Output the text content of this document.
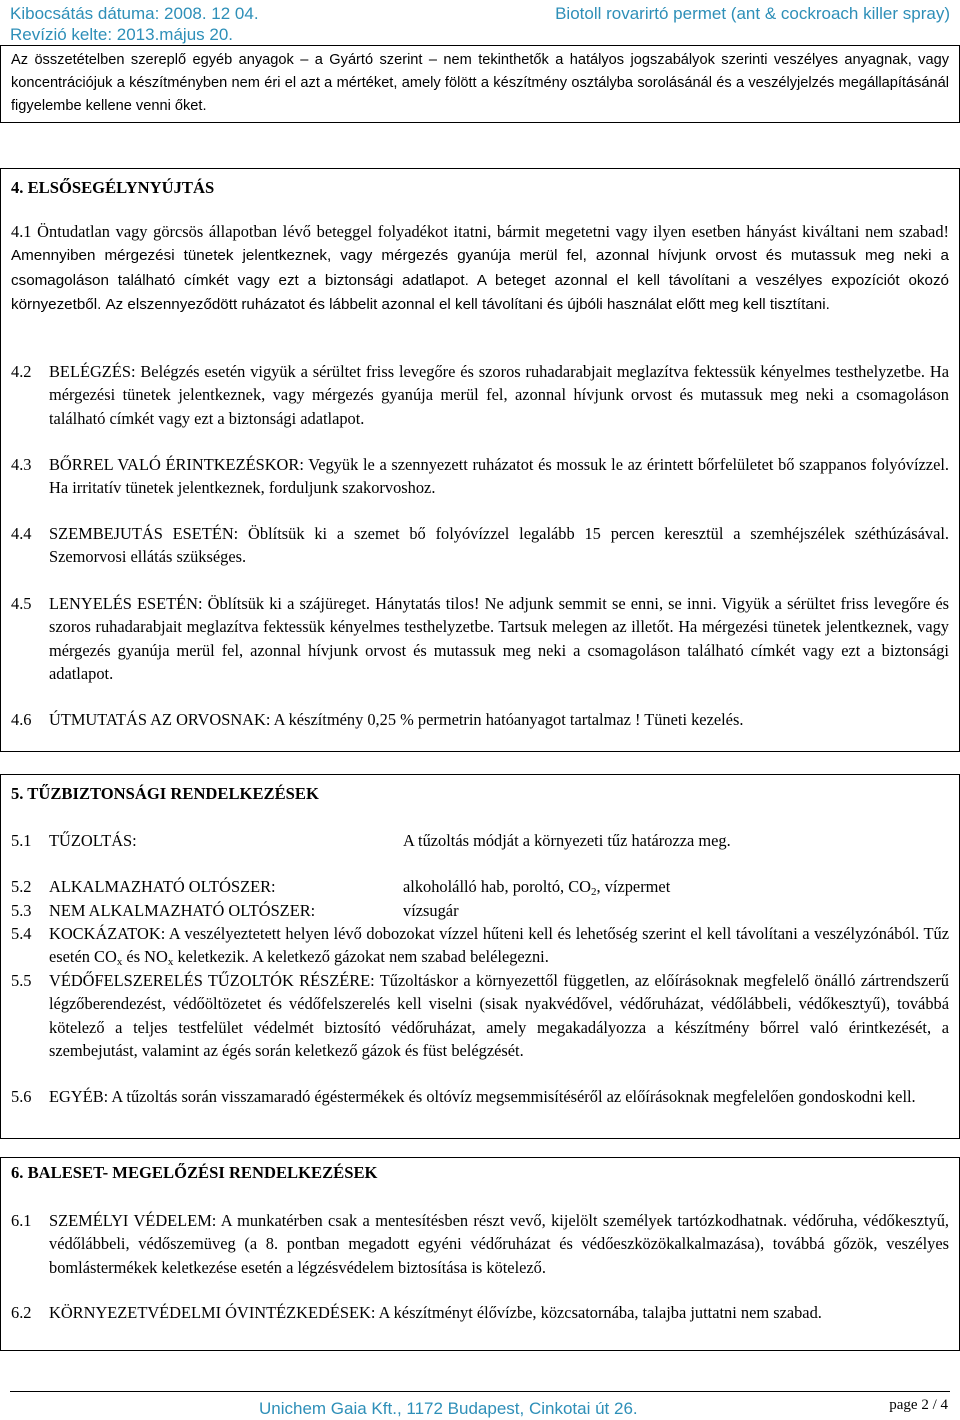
Kibocsátás dátuma: 2008. 12 04.	Biotoll rovarirtó permet (ant & cockroach killer spray)
Revízió kelte: 2013.május 20.

Az összetételben szereplő egyéb anyagok – a Gyártó szerint – nem tekinthetők a hatályos jogszabályok szerinti veszélyes anyagnak, vagy koncentrációjuk a készítményben nem éri el azt a mértéket, amely fölött a készítmény osztályba sorolásánál és a veszélyjelzés megállapításánál figyelembe kellene venni őket.

4. ELSŐSEGÉLYNYÚJTÁS

4.1 Öntudatlan vagy görcsös állapotban lévő beteggel folyadékot itatni, bármit megetetni vagy ilyen esetben hányást kiváltani nem szabad! Amennyiben mérgezési tünetek jelentkeznek, vagy mérgezés gyanúja merül fel, azonnal hívjunk orvost és mutassuk meg neki a csomagoláson található címkét vagy ezt a biztonsági adatlapot. A beteget azonnal el kell távolítani a veszélyes expozíciót okozó környezetből. Az elszennyeződött ruházatot és lábbelit azonnal el kell távolítani és újbóli használat előtt meg kell tisztítani.

4.2 BELÉGZÉS: Belégzés esetén vigyük a sérültet friss levegőre és szoros ruhadarabjait meglazítva fektessük kényelmes testhelyzetbe. Ha mérgezési tünetek jelentkeznek, vagy mérgezés gyanúja merül fel, azonnal hívjunk orvost és mutassuk meg neki a csomagoláson található címkét vagy ezt a biztonsági adatlapot.

4.3 BŐRREL VALÓ ÉRINTKEZÉSKOR: Vegyük le a szennyezett ruházatot és mossuk le az érintett bőrfelületet bő szappanos folyóvízzel. Ha irritatív tünetek jelentkeznek, forduljunk szakorvoshoz.

4.4 SZEMBEJUTÁS ESETÉN: Öblítsük ki a szemet bő folyóvízzel legalább 15 percen keresztül a szemhéjszélek széthúzásával. Szemorvosi ellátás szükséges.

4.5 LENYELÉS ESETÉN: Öblítsük ki a szájüreget. Hánytatás tilos! Ne adjunk semmit se enni, se inni. Vigyük a sérültet friss levegőre és szoros ruhadarabjait meglazítva fektessük kényelmes testhelyzetbe. Tartsuk melegen az illetőt. Ha mérgezési tünetek jelentkeznek, vagy mérgezés gyanúja merül fel, azonnal hívjunk orvost és mutassuk meg neki a csomagoláson található címkét vagy ezt a biztonsági adatlapot.

4.6 ÚTMUTATÁS AZ ORVOSNAK: A készítmény 0,25 % permetrin hatóanyagot tartalmaz ! Tüneti kezelés.

5. TŰZBIZTONSÁGI RENDELKEZÉSEK
5.1 TŰZOLTÁS:	A tűzoltás módját a környezeti tűz határozza meg.
5.2 ALKALMAZHATÓ OLTÓSZER:	alkoholálló hab, poroltó, $CO_2$, vízpermet
5.3 NEM ALKALMAZHATÓ OLTÓSZER:	vízsugár

5.4 KOCKÁZATOK: A veszélyeztetett helyen lévő dobozokat vízzel hűteni kell és lehetőség szerint el kell távolítani a veszélyzónából. Tűz esetén $CO_x$ és $NO_x$ keletkezik. A keletkező gázokat nem szabad belélegezni.

5.5 VÉDŐFELSZERELÉS TŰZOLTÓK RÉSZÉRE: Tűzoltáskor a környezettől független, az előírásoknak megfelelő önálló zártrendszerű légzőberendezést, védőöltözetet és védőfelszerelés kell viselni (sisak nyakvédővel, védőruházat, védőlábbeli, védőkesztyű), továbbá kötelező a teljes testfelület védelmét biztosító védőruházat, amely megakadályozza a készítmény bőrrel való érintkezését, a szembejutást, valamint az égés során keletkező gázok és füst belégzését.

5.6 EGYÉB: A tűzoltás során visszamaradó égéstermékek és oltóvíz megsemmisítéséről az előírásoknak megfelelően gondoskodni kell.

6. BALESET- MEGELŐZÉSI RENDELKEZÉSEK

6.1 SZEMÉLYI VÉDELEM: A munkatérben csak a mentesítésben részt vevő, kijelölt személyek tartózkodhatnak. védőruha, védőkesztyű, védőlábbeli, védőszemüveg (a 8. pontban megadott egyéni védőruházat és védőeszközökalkalmazása), továbbá gőzök, veszélyes bomlástermékek keletkezése esetén a légzésvédelem biztosítása is kötelező.

6.2 KÖRNYEZETVÉDELMI ÓVINTÉZKEDÉSEK: A készítményt élővízbe, közcsatornába, talajba juttatni nem szabad.

Unichem Gaia Kft., 1172 Budapest, Cinkotai út 26.	page 2 / 4
